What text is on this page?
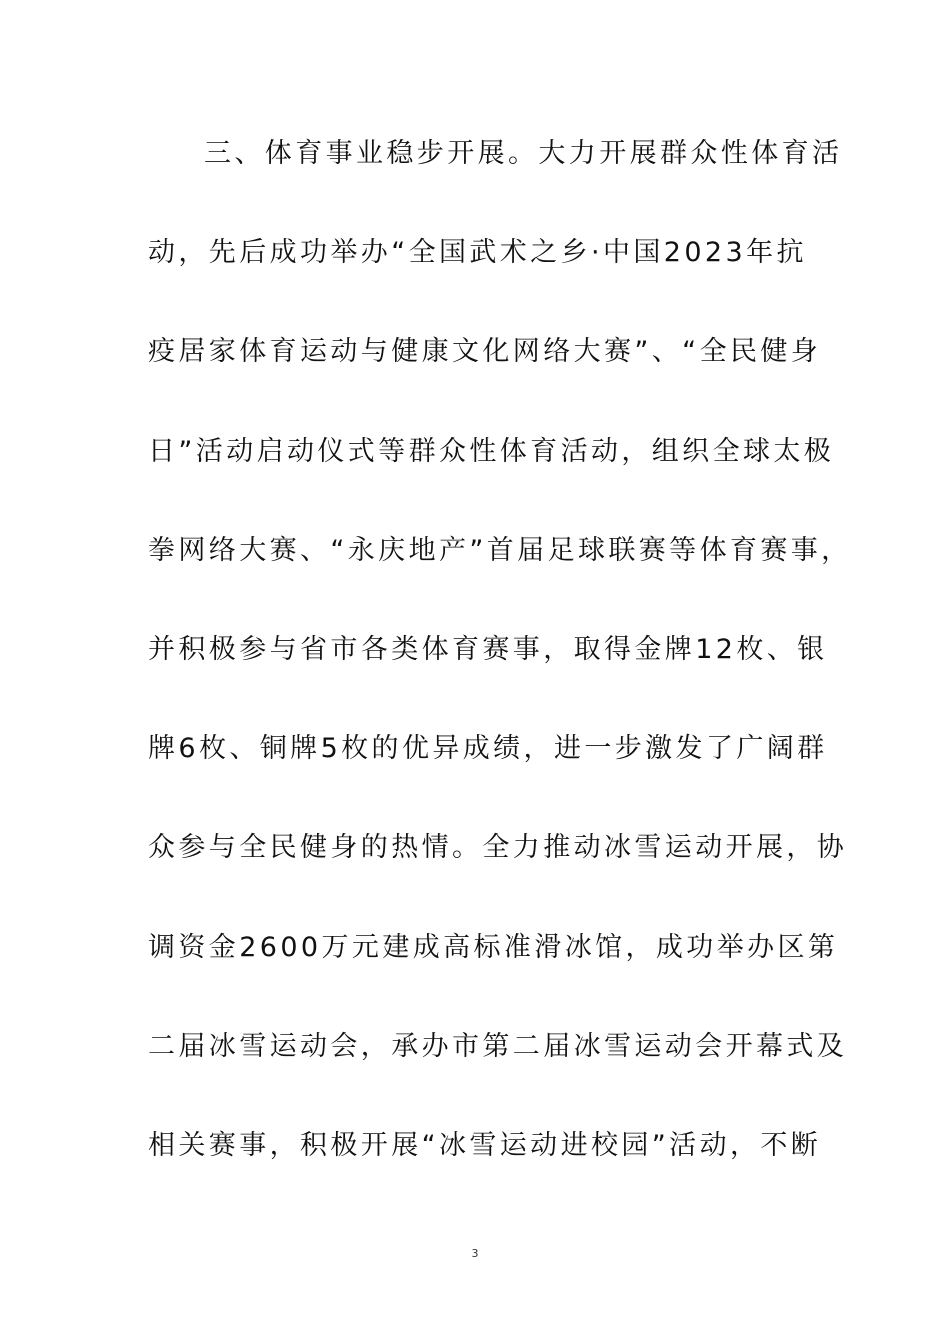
三、体育事业稳步开展。大力开展群众性体育活
动，先后成功举办“全国武术之乡·中国2023年抗
疫居家体育运动与健康文化网络大赛”、“全民健身
日”活动启动仪式等群众性体育活动，组织全球太极
拳网络大赛、“永庆地产”首届足球联赛等体育赛事，
并积极参与省市各类体育赛事，取得金牌12枚、银
牌6枚、铜牌5枚的优异成绩，进一步激发了广阔群
众参与全民健身的热情。全力推动冰雪运动开展，协
调资金2600万元建成高标准滑冰馆，成功举办区第
二届冰雪运动会，承办市第二届冰雪运动会开幕式及
相关赛事，积极开展“冰雪运动进校园”活动，不断
3
